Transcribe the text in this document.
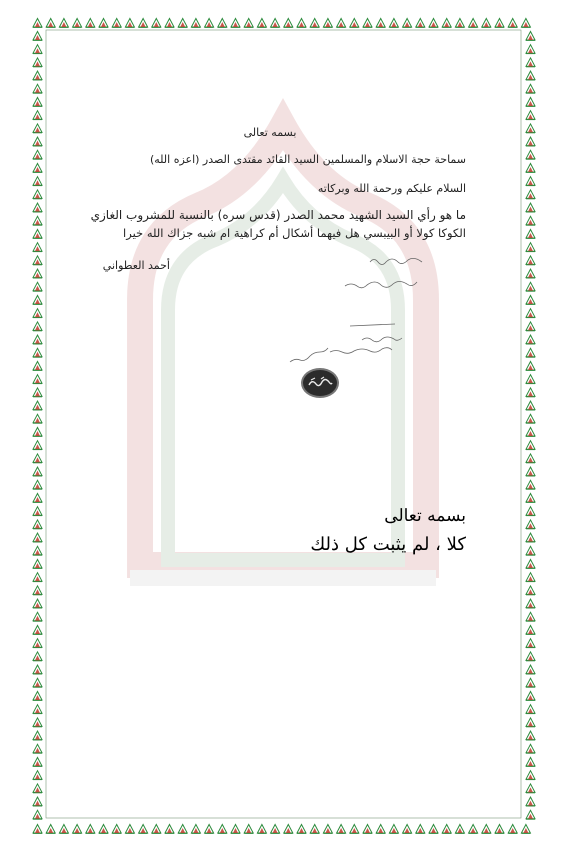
بسمه تعالى
سماحة حجة الاسلام والمسلمين السيد القائد مقتدى الصدر (اعزه الله)
السلام عليكم ورحمة الله وبركاته
ما هو رأي السيد الشهيد محمد الصدر (قدس سره) بالنسبة للمشروب الغازي
الكوكا كولا أو البيبسي هل فيهما أشكال أم كراهية ام شبه جزاك الله خيرا
أحمد العطواني
بسمه تعالى
كلا ، لم يثبت كل ذلك
